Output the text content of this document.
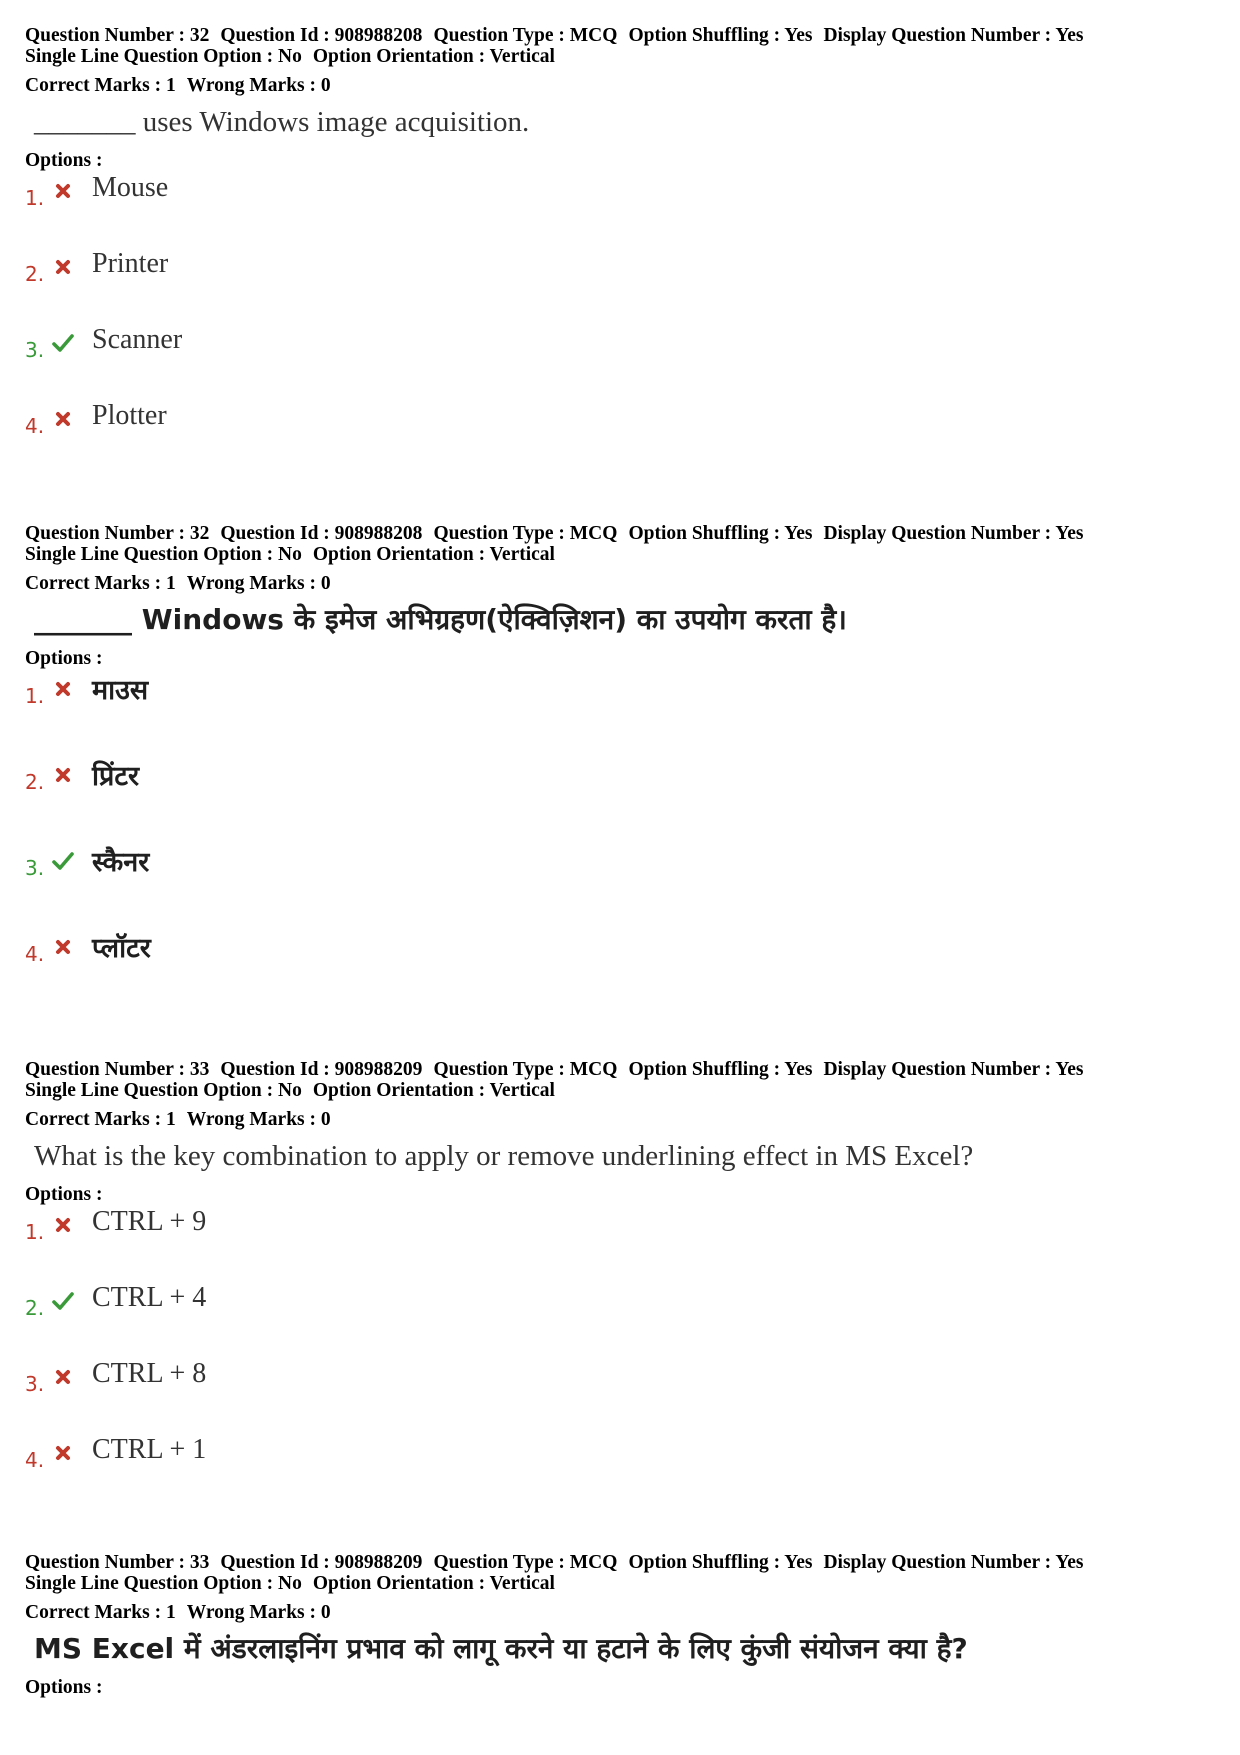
Question Number : 32 Question Id : 908988208 Question Type : MCQ Option Shuffling : Yes Display Question Number : Yes
Single Line Question Option : No Option Orientation : Vertical
Correct Marks : 1 Wrong Marks : 0
_______ uses Windows image acquisition.
Options :
1. Mouse
2. Printer
3. Scanner
4. Plotter
Question Number : 32 Question Id : 908988208 Question Type : MCQ Option Shuffling : Yes Display Question Number : Yes
Single Line Question Option : No Option Orientation : Vertical
Correct Marks : 1 Wrong Marks : 0
_______ Windows के इमेज अभिग्रहण(ऐक्विज़िशन) का उपयोग करता है।
Options :
1. माउस
2. प्रिंटर
3. स्कैनर
4. प्लॉटर
Question Number : 33 Question Id : 908988209 Question Type : MCQ Option Shuffling : Yes Display Question Number : Yes
Single Line Question Option : No Option Orientation : Vertical
Correct Marks : 1 Wrong Marks : 0
What is the key combination to apply or remove underlining effect in MS Excel?
Options :
1. CTRL + 9
2. CTRL + 4
3. CTRL + 8
4. CTRL + 1
Question Number : 33 Question Id : 908988209 Question Type : MCQ Option Shuffling : Yes Display Question Number : Yes
Single Line Question Option : No Option Orientation : Vertical
Correct Marks : 1 Wrong Marks : 0
MS Excel में अंडरलाइनिंग प्रभाव को लागू करने या हटाने के लिए कुंजी संयोजन क्या है?
Options :
